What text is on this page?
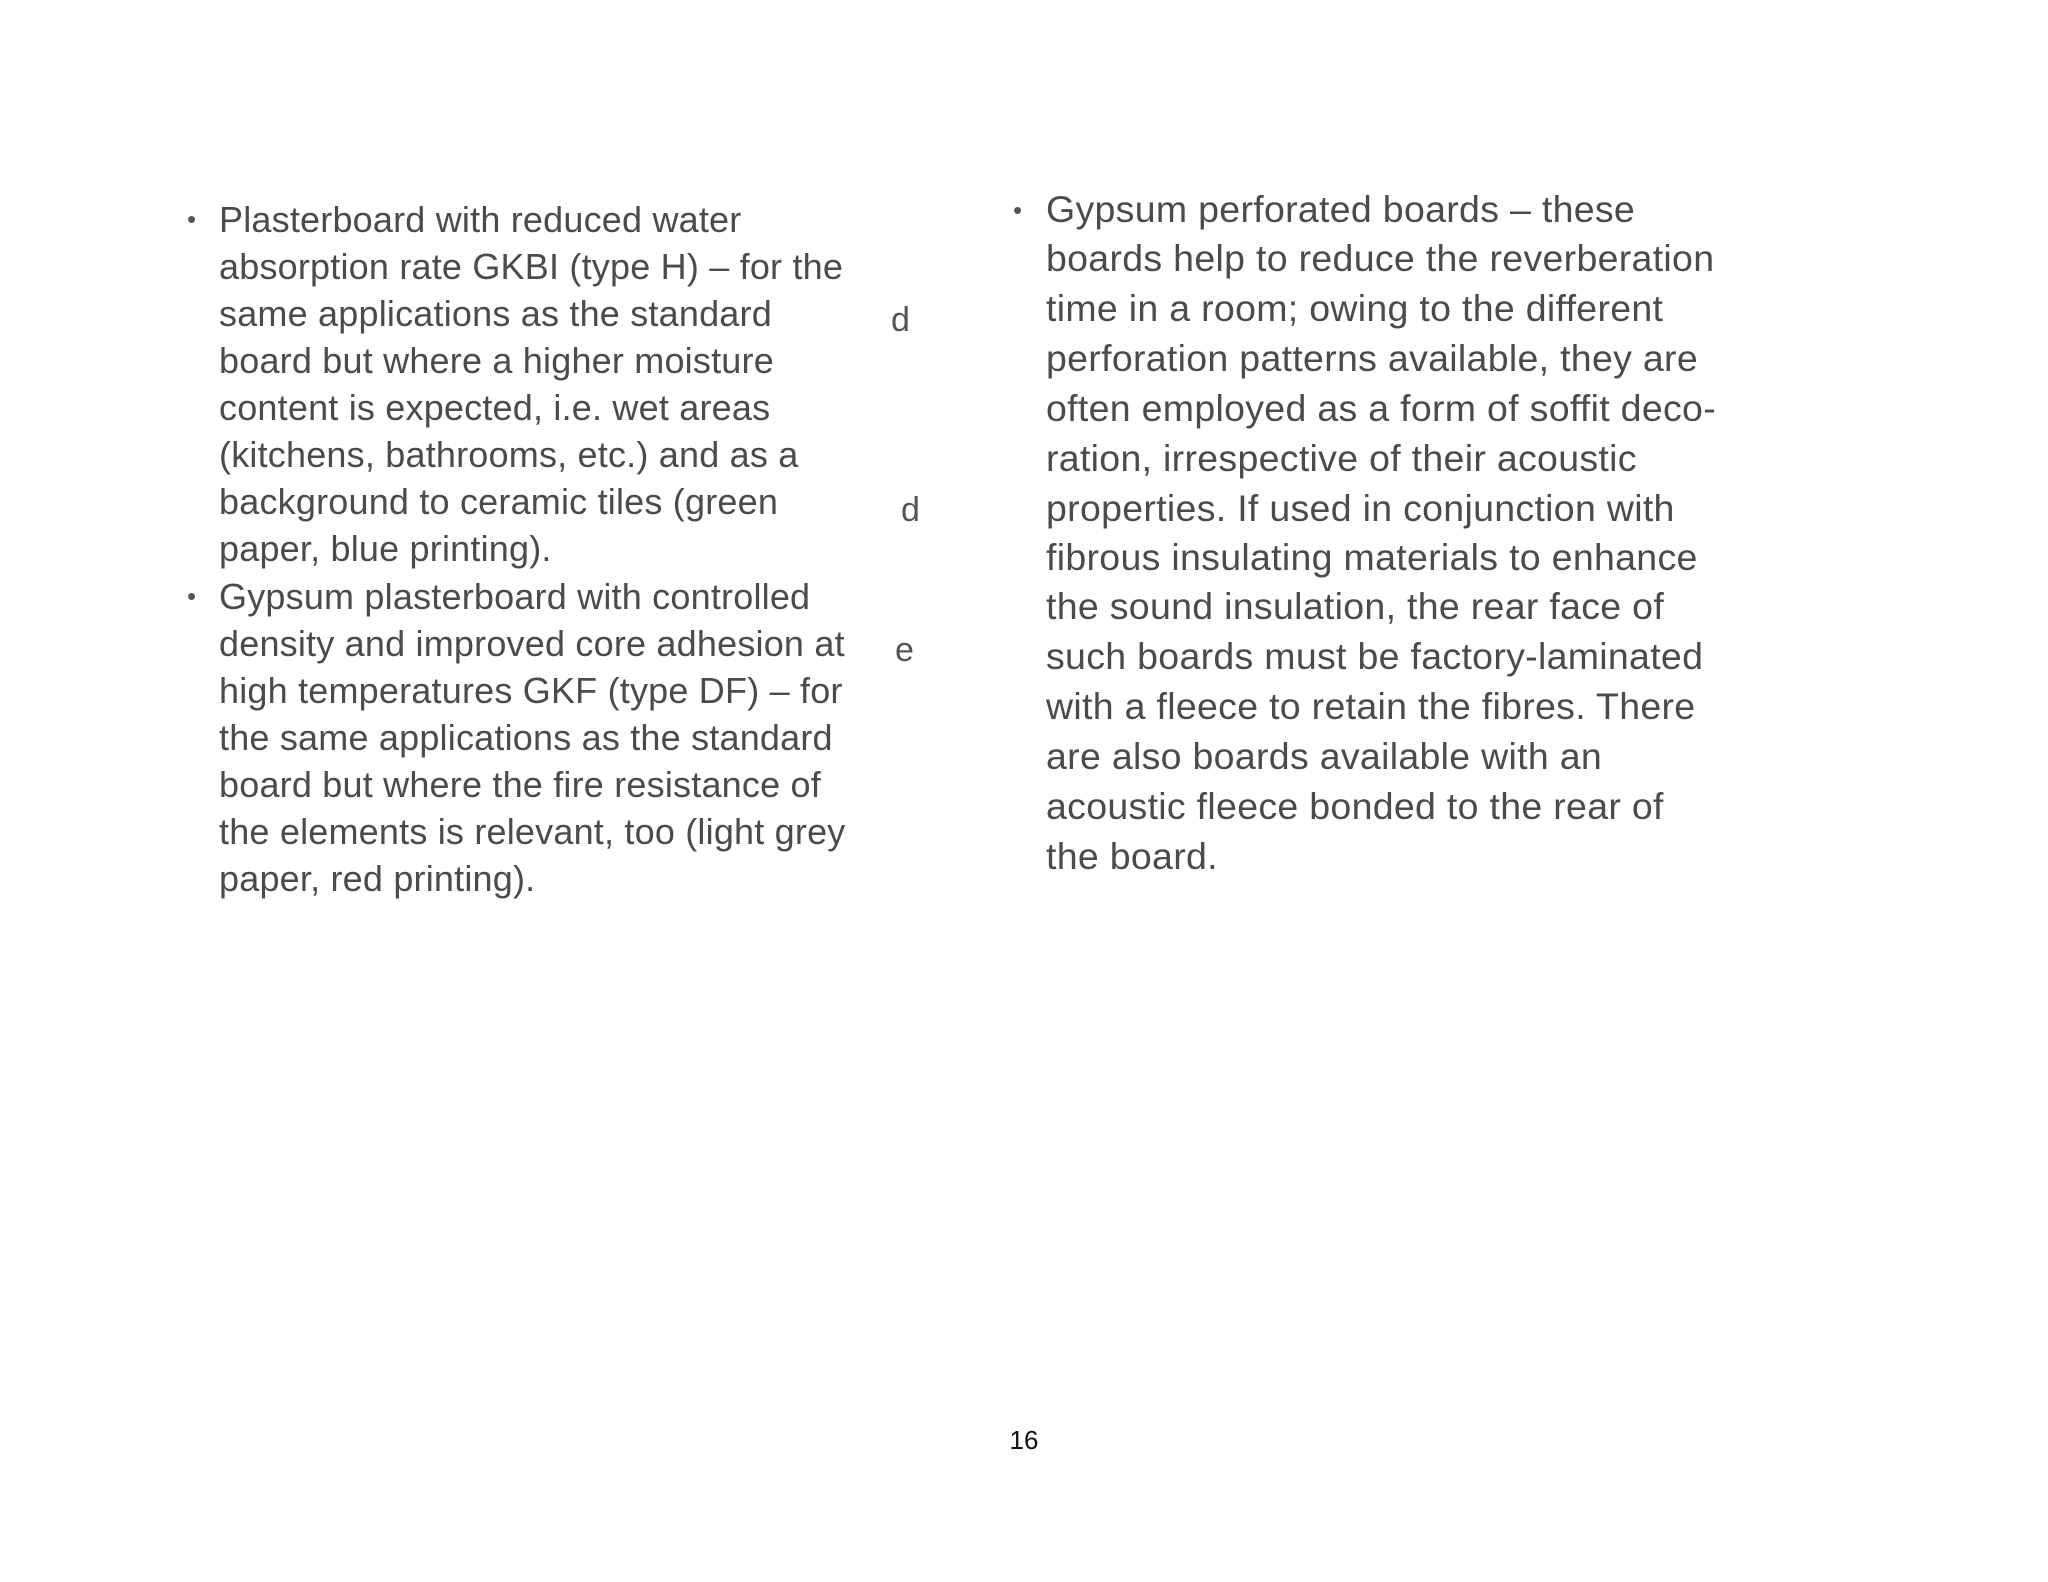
• Plasterboard with reduced water
absorption rate GKBI (type H) – for the
same applications as the standard
board but where a higher moisture
content is expected, i.e. wet areas
(kitchens, bathrooms, etc.) and as a
background to ceramic tiles (green
paper, blue printing).
• Gypsum plasterboard with controlled
density and improved core adhesion at
high temperatures GKF (type DF) – for
the same applications as the standard
board but where the fire resistance of
the elements is relevant, too (light grey
paper, red printing).
d
d
e
• Gypsum perforated boards – these
boards help to reduce the reverberation
time in a room; owing to the different
perforation patterns available, they are
often employed as a form of soffit deco-
ration, irrespective of their acoustic
properties. If used in conjunction with
fibrous insulating materials to enhance
the sound insulation, the rear face of
such boards must be factory-laminated
with a fleece to retain the fibres. There
are also boards available with an
acoustic fleece bonded to the rear of
the board.
16
